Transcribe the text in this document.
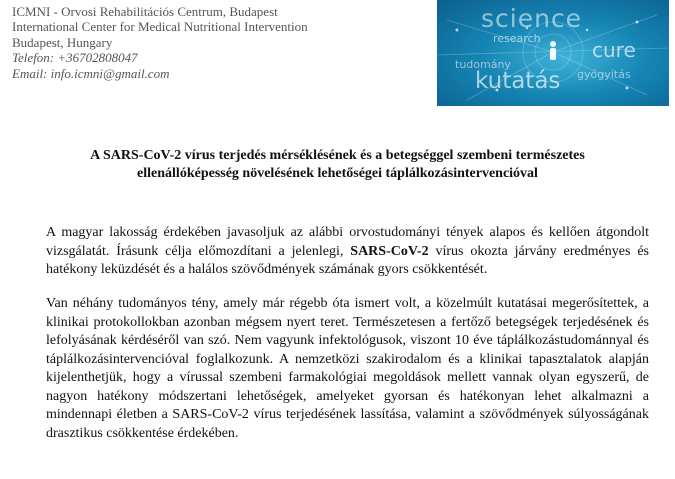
ICMNI - Orvosi Rehabilitációs Centrum, Budapest
International Center for Medical Nutritional Intervention
Budapest, Hungary
Telefon: +36702808047
Email: info.icmni@gmail.com
science
research	cure
tudomány
kutatás gyógyítás
A SARS-CoV-2 vírus terjedés mérséklésének és a betegséggel szembeni természetes
ellenállóképesség növelésének lehetőségei táplálkozásintervencióval

A magyar lakosság érdekében javasoljuk az alábbi orvostudományi tények alapos és kellően átgondolt vizsgálatát. Írásunk célja előmozdítani a jelenlegi, SARS-CoV-2 vírus okozta járvány eredményes és hatékony leküzdését és a halálos szövődmények számának gyors csökkentését.

Van néhány tudományos tény, amely már régebb óta ismert volt, a közelmúlt kutatásai megerősítettek, a klinikai protokollokban azonban mégsem nyert teret. Természetesen a fertőző betegségek terjedésének és lefolyásának kérdéséről van szó. Nem vagyunk infektológusok, viszont 10 éve táplálkozástudománnyal és táplálkozásintervencióval foglalkozunk. A nemzetközi szakirodalom és a klinikai tapasztalatok alapján kijelenthetjük, hogy a vírussal szembeni farmakológiai megoldások mellett vannak olyan egyszerű, de nagyon hatékony módszertani lehetőségek, amelyeket gyorsan és hatékonyan lehet alkalmazni a mindennapi életben a SARS-CoV-2 vírus terjedésének lassítása, valamint a szövődmények súlyosságának drasztikus csökkentése érdekében.
